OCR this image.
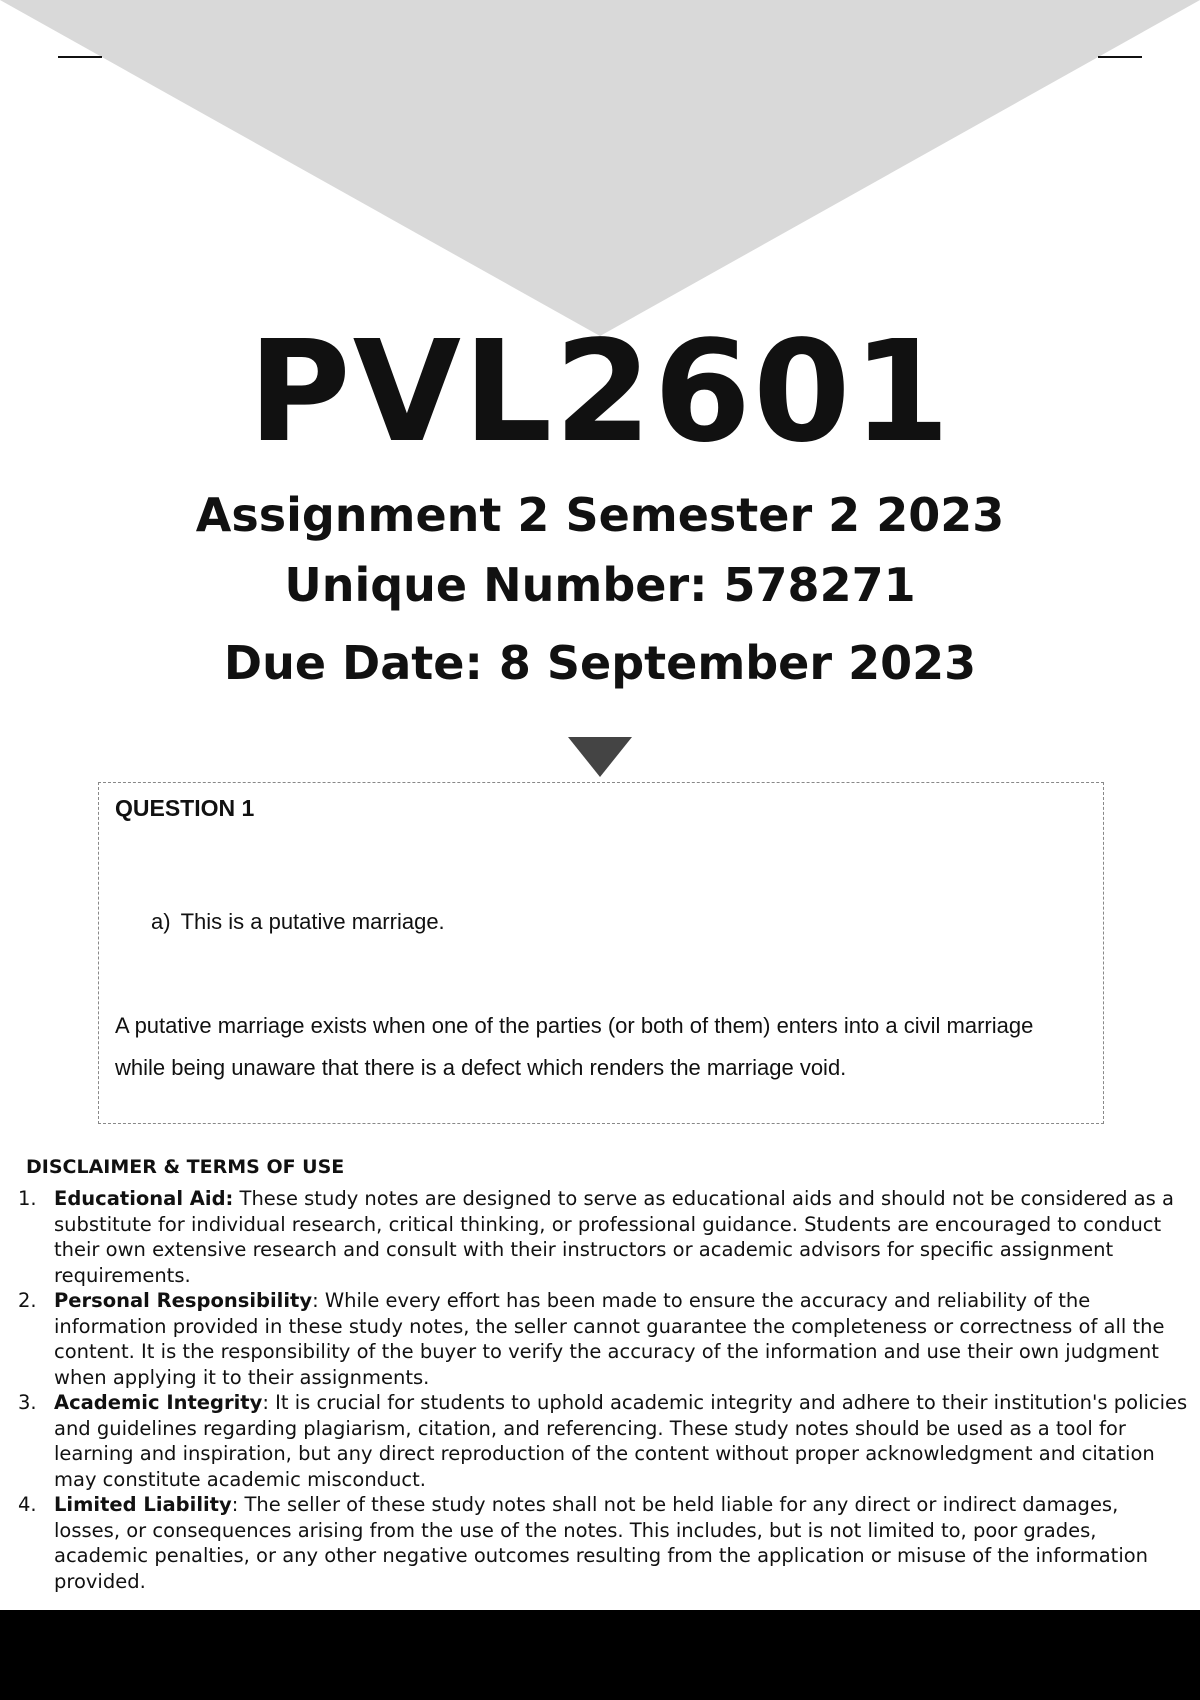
PVL2601
Assignment 2 Semester 2 2023
Unique Number: 578271
Due Date: 8 September 2023

QUESTION 1

a) This is a putative marriage.

A putative marriage exists when one of the parties (or both of them) enters into a civil marriage while being unaware that there is a defect which renders the marriage void.

DISCLAIMER & TERMS OF USE

1. Educational Aid: These study notes are designed to serve as educational aids and should not be considered as a substitute for individual research, critical thinking, or professional guidance. Students are encouraged to conduct their own extensive research and consult with their instructors or academic advisors for specific assignment requirements.
2. Personal Responsibility: While every effort has been made to ensure the accuracy and reliability of the information provided in these study notes, the seller cannot guarantee the completeness or correctness of all the content. It is the responsibility of the buyer to verify the accuracy of the information and use their own judgment when applying it to their assignments.
3. Academic Integrity: It is crucial for students to uphold academic integrity and adhere to their institution's policies and guidelines regarding plagiarism, citation, and referencing. These study notes should be used as a tool for learning and inspiration, but any direct reproduction of the content without proper acknowledgment and citation may constitute academic misconduct.
4. Limited Liability: The seller of these study notes shall not be held liable for any direct or indirect damages, losses, or consequences arising from the use of the notes. This includes, but is not limited to, poor grades, academic penalties, or any other negative outcomes resulting from the application or misuse of the information provided.
